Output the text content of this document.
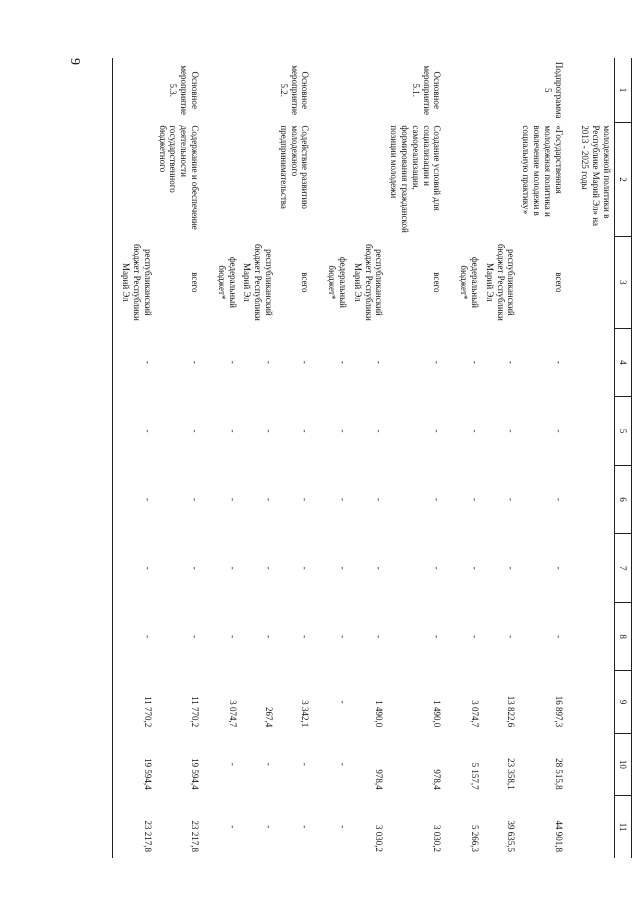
9
1	2	3	4	5	6	7	8	9	10	11
	молодежной политики в Республике Марий Эл» на 2013 - 2025 годы									
Подпрограмма 5	«Государственная молодежная политика и вовлечение молодежи в социальную практику»	всего	-	-	-	-	-	16 897,3	28 515,8	44 901,8
		республиканский бюджет Республики Марий Эл	-	-	-	-	-	13 822,6	23 358,1	39 635,5
		федеральный бюджет*	-	-	-	-	-	3 074,7	5 157,7	5 266,3
Основное мероприятие 5.1.	Создание условий для социализации и самореализации, формирования гражданской позиции молодежи	всего	-	-	-	-	-	1 490,0	978,4	3 030,2
		республиканский бюджет Республики Марий Эл	-	-	-	-	-	1 490,0	978,4	3 030,2
		федеральный бюджет*	-	-	-	-	-	-	-	-
Основное мероприятие 5.2.	Содействие развитию молодежного предпринимательства	всего	-	-	-	-	-	3 342,1	-	-
		республиканский бюджет Республики Марий Эл	-	-	-	-	-	267,4	-	-
		федеральный бюджет*	-	-	-	-	-	3 074,7	-	-
Основное мероприятие 5.3.	Содержание и обеспечение деятельности государственного бюджетного	всего	-	-	-	-	-	11 770,2	19 594,4	23 217,8
		республиканский бюджет Республики Марий Эл	-	-	-	-	-	11 770,2	19 594,4	23 217,8
